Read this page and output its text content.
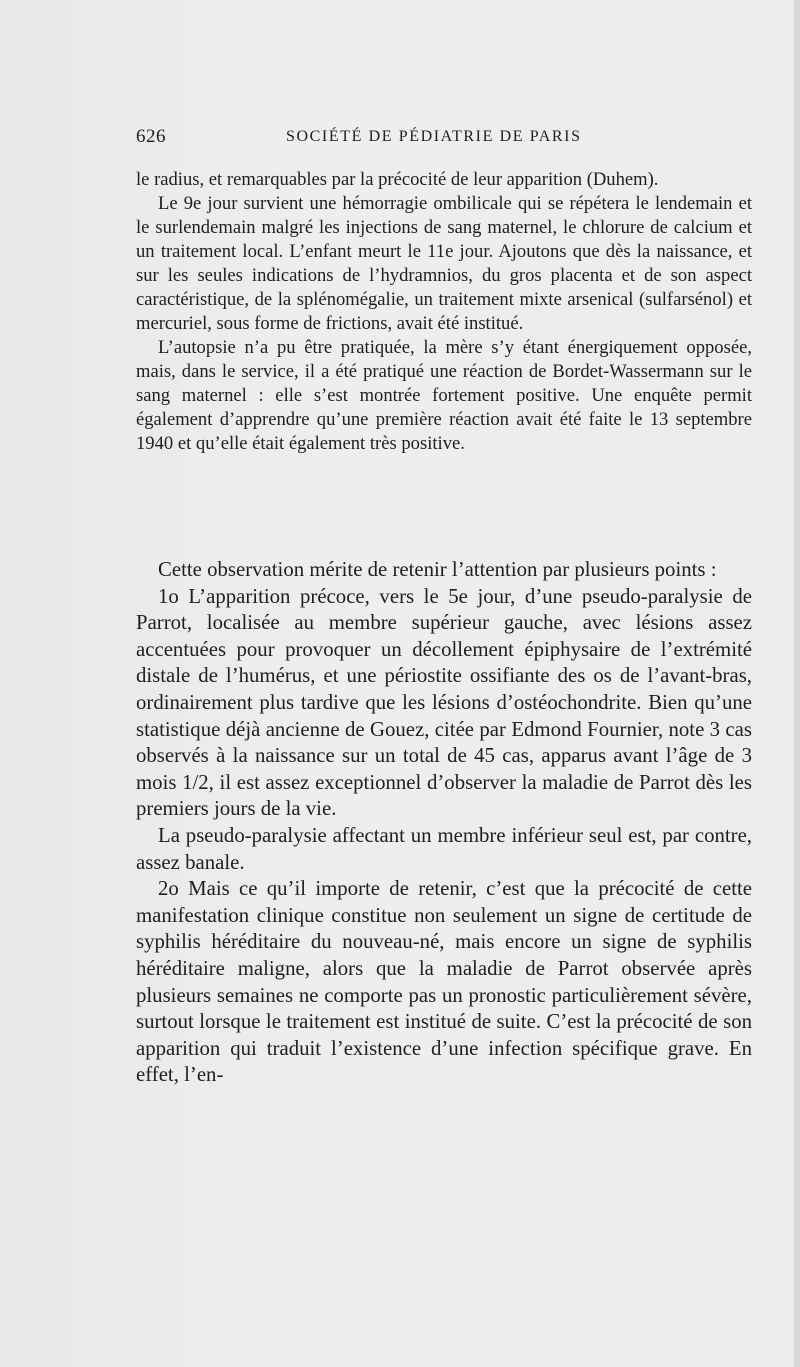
626	SOCIÉTÉ DE PÉDIATRIE DE PARIS

le radius, et remarquables par la précocité de leur apparition (Duhem).

Le 9e jour survient une hémorragie ombilicale qui se répétera le lendemain et le surlendemain malgré les injections de sang maternel, le chlorure de calcium et un traitement local. L’enfant meurt le 11e jour. Ajoutons que dès la naissance, et sur les seules indications de l’hydramnios, du gros placenta et de son aspect caractéristique, de la splénomégalie, un traitement mixte arsenical (sulfarsénol) et mercuriel, sous forme de frictions, avait été institué.

L’autopsie n’a pu être pratiquée, la mère s’y étant énergiquement opposée, mais, dans le service, il a été pratiqué une réaction de Bordet-Wassermann sur le sang maternel : elle s’est montrée fortement positive. Une enquête permit également d’apprendre qu’une première réaction avait été faite le 13 septembre 1940 et qu’elle était également très positive.

Cette observation mérite de retenir l’attention par plusieurs points :

1o L’apparition précoce, vers le 5e jour, d’une pseudo-paralysie de Parrot, localisée au membre supérieur gauche, avec lésions assez accentuées pour provoquer un décollement épiphysaire de l’extrémité distale de l’humérus, et une périostite ossifiante des os de l’avant-bras, ordinairement plus tardive que les lésions d’ostéochondrite. Bien qu’une statistique déjà ancienne de Gouez, citée par Edmond Fournier, note 3 cas observés à la naissance sur un total de 45 cas, apparus avant l’âge de 3 mois 1/2, il est assez exceptionnel d’observer la maladie de Parrot dès les premiers jours de la vie.

La pseudo-paralysie affectant un membre inférieur seul est, par contre, assez banale.

2o Mais ce qu’il importe de retenir, c’est que la précocité de cette manifestation clinique constitue non seulement un signe de certitude de syphilis héréditaire du nouveau-né, mais encore un signe de syphilis héréditaire maligne, alors que la maladie de Parrot observée après plusieurs semaines ne comporte pas un pronostic particulièrement sévère, surtout lorsque le traitement est institué de suite. C’est la précocité de son apparition qui traduit l’existence d’une infection spécifique grave. En effet, l’en-
